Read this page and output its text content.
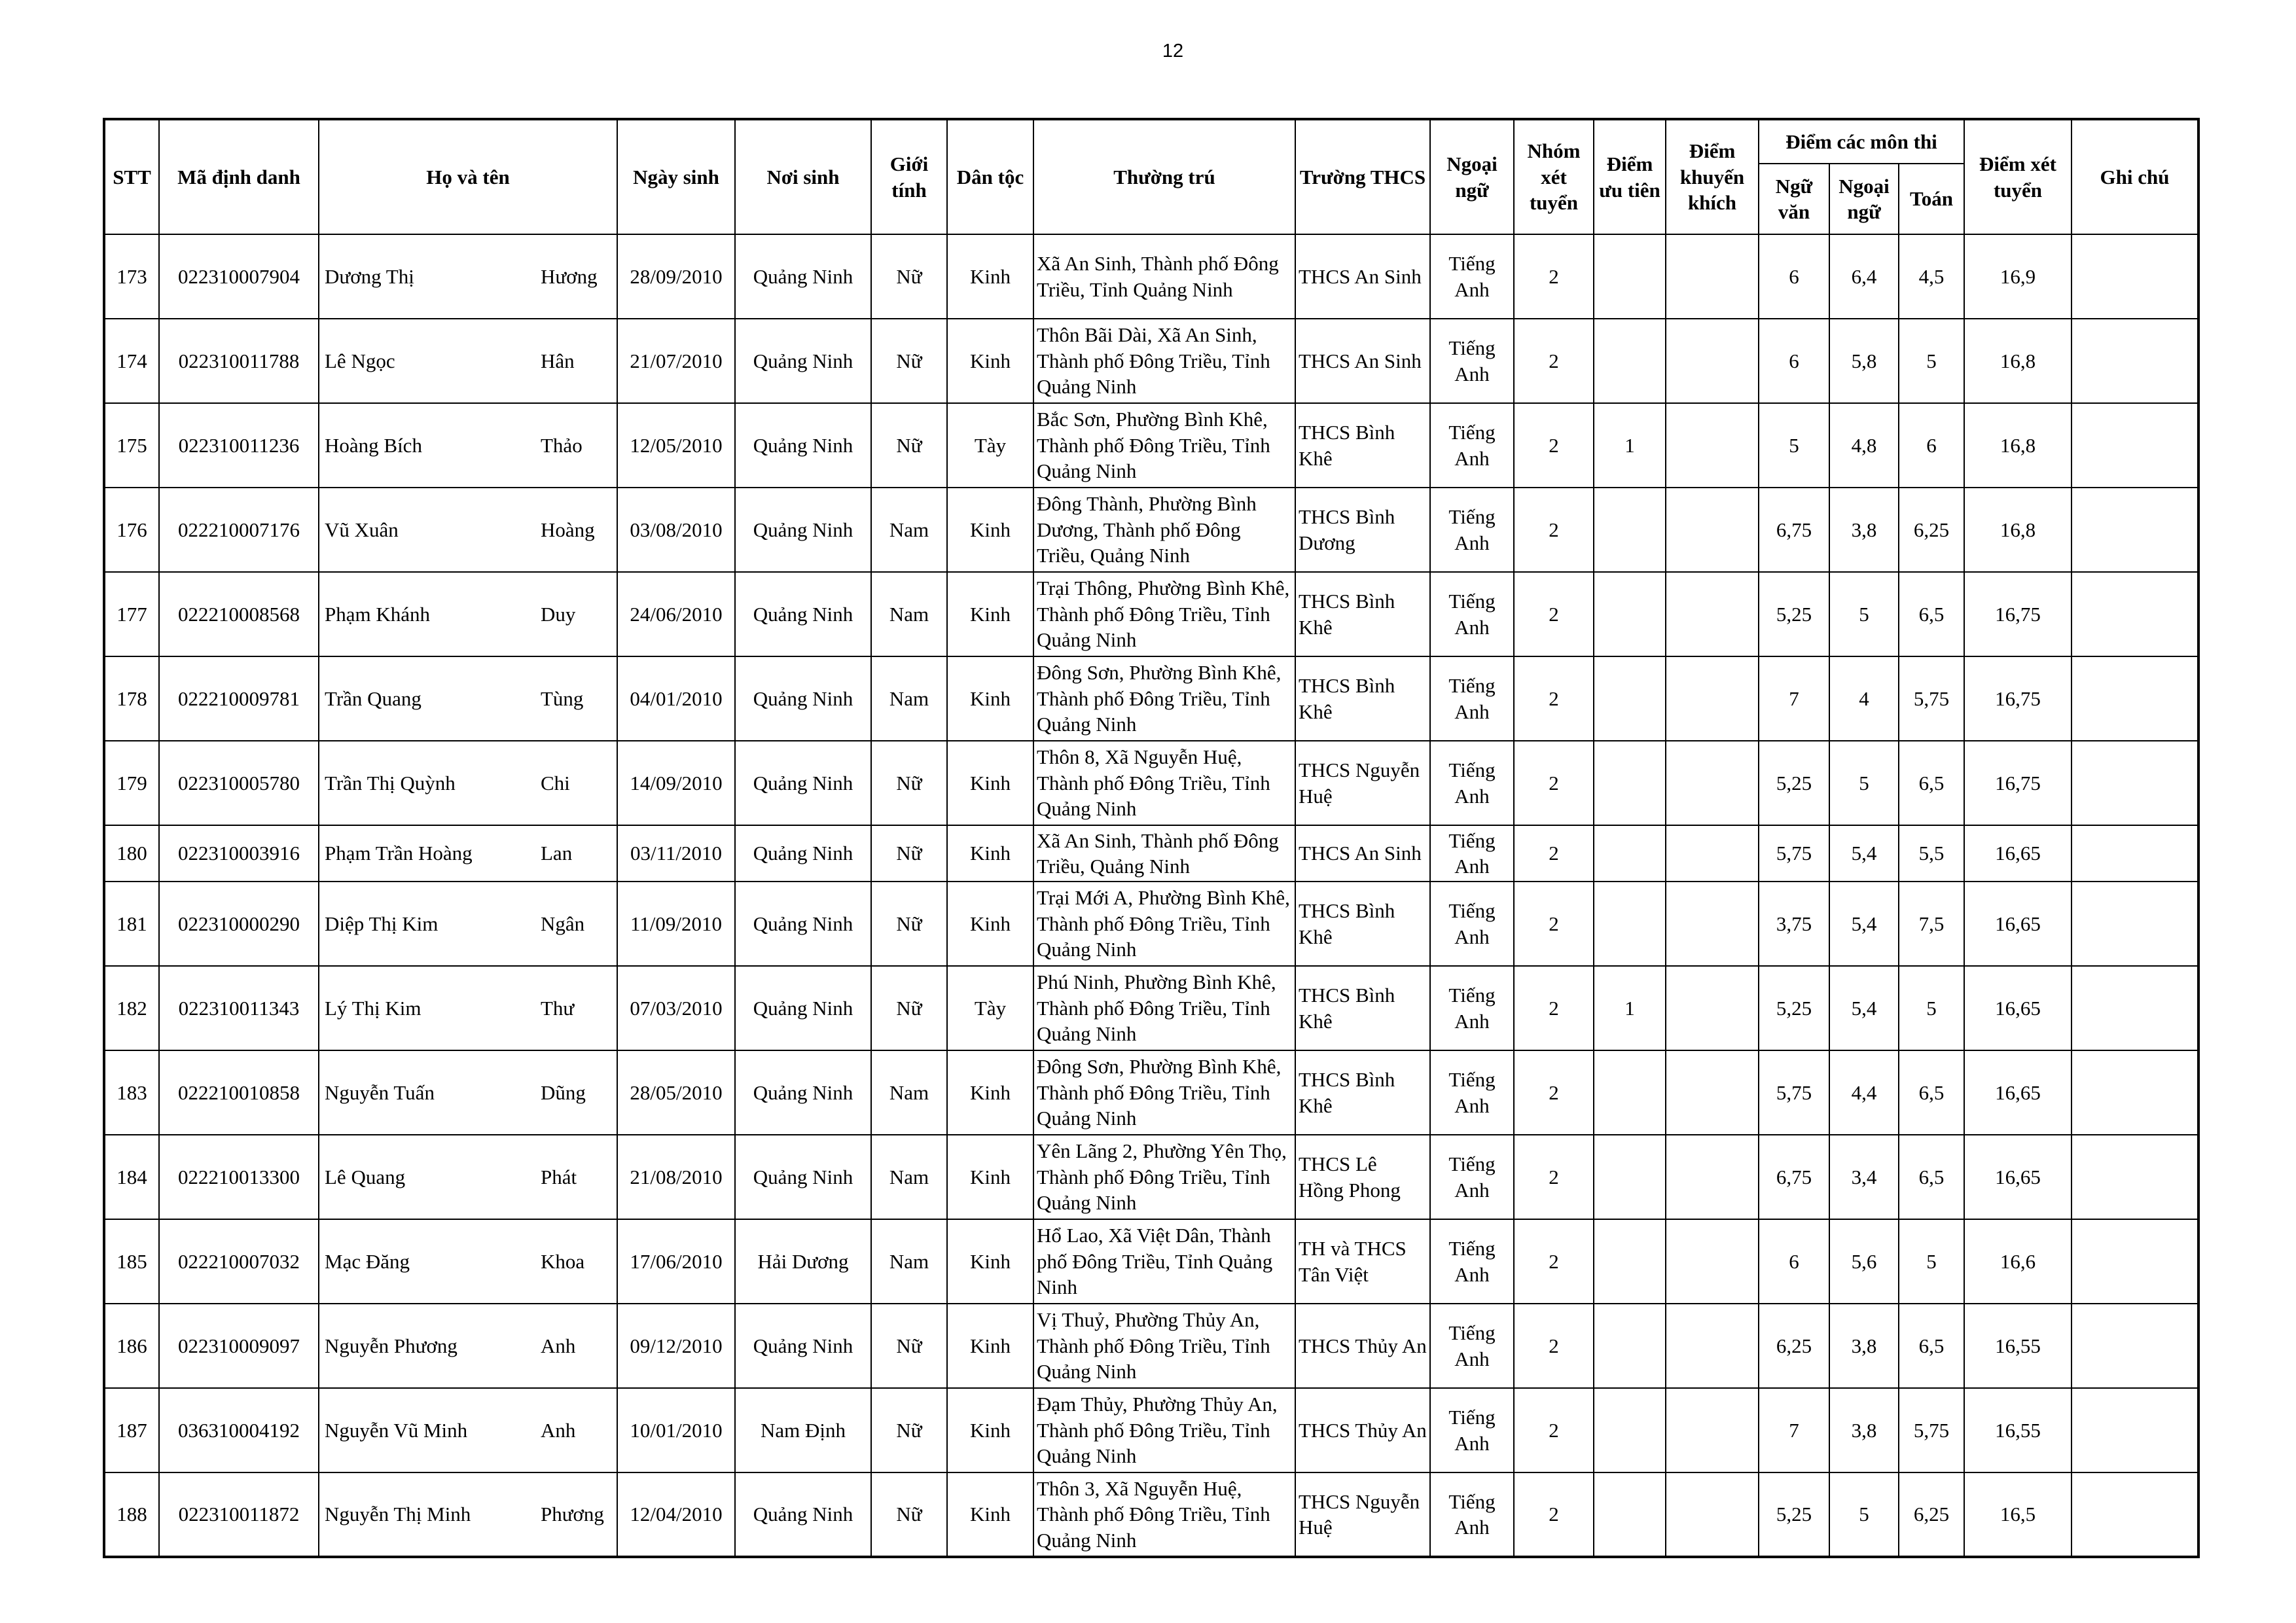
12
STT	Mã định danh	Họ và tên	Ngày sinh	Nơi sinh	Giới tính	Dân tộc	Thường trú	Trường THCS	Ngoại ngữ	Nhóm xét tuyển	Điểm ưu tiên	Điểm khuyến khích	Điểm các môn thi			Điểm xét tuyển	Ghi chú
													Ngữ văn	Ngoại ngữ	Toán		
173	022310007904	Dương Thị Hương	28/09/2010	Quảng Ninh	Nữ	Kinh	Xã An Sinh, Thành phố Đông Triều, Tỉnh Quảng Ninh	THCS An Sinh	Tiếng Anh	2			6	6,4	4,5	16,9	
174	022310011788	Lê Ngọc Hân	21/07/2010	Quảng Ninh	Nữ	Kinh	Thôn Bãi Dài, Xã An Sinh, Thành phố Đông Triều, Tỉnh Quảng Ninh	THCS An Sinh	Tiếng Anh	2			6	5,8	5	16,8	
175	022310011236	Hoàng Bích Thảo	12/05/2010	Quảng Ninh	Nữ	Tày	Bắc Sơn, Phường Bình Khê, Thành phố Đông Triều, Tỉnh Quảng Ninh	THCS Bình Khê	Tiếng Anh	2	1		5	4,8	6	16,8	
176	022210007176	Vũ Xuân Hoàng	03/08/2010	Quảng Ninh	Nam	Kinh	Đông Thành, Phường Bình Dương, Thành phố Đông Triều, Quảng Ninh	THCS Bình Dương	Tiếng Anh	2			6,75	3,8	6,25	16,8	
177	022210008568	Phạm Khánh Duy	24/06/2010	Quảng Ninh	Nam	Kinh	Trại Thông, Phường Bình Khê, Thành phố Đông Triều, Tỉnh Quảng Ninh	THCS Bình Khê	Tiếng Anh	2			5,25	5	6,5	16,75	
178	022210009781	Trần Quang Tùng	04/01/2010	Quảng Ninh	Nam	Kinh	Đông Sơn, Phường Bình Khê, Thành phố Đông Triều, Tỉnh Quảng Ninh	THCS Bình Khê	Tiếng Anh	2			7	4	5,75	16,75	
179	022310005780	Trần Thị Quỳnh Chi	14/09/2010	Quảng Ninh	Nữ	Kinh	Thôn 8, Xã Nguyễn Huệ, Thành phố Đông Triều, Tỉnh Quảng Ninh	THCS Nguyễn Huệ	Tiếng Anh	2			5,25	5	6,5	16,75	
180	022310003916	Phạm Trần Hoàng Lan	03/11/2010	Quảng Ninh	Nữ	Kinh	Xã An Sinh, Thành phố Đông Triều, Quảng Ninh	THCS An Sinh	Tiếng Anh	2			5,75	5,4	5,5	16,65	
181	022310000290	Diệp Thị Kim Ngân	11/09/2010	Quảng Ninh	Nữ	Kinh	Trại Mới A, Phường Bình Khê, Thành phố Đông Triều, Tỉnh Quảng Ninh	THCS Bình Khê	Tiếng Anh	2			3,75	5,4	7,5	16,65	
182	022310011343	Lý Thị Kim Thư	07/03/2010	Quảng Ninh	Nữ	Tày	Phú Ninh, Phường Bình Khê, Thành phố Đông Triều, Tỉnh Quảng Ninh	THCS Bình Khê	Tiếng Anh	2	1		5,25	5,4	5	16,65	
183	022210010858	Nguyễn Tuấn Dũng	28/05/2010	Quảng Ninh	Nam	Kinh	Đông Sơn, Phường Bình Khê, Thành phố Đông Triều, Tỉnh Quảng Ninh	THCS Bình Khê	Tiếng Anh	2			5,75	4,4	6,5	16,65	
184	022210013300	Lê Quang Phát	21/08/2010	Quảng Ninh	Nam	Kinh	Yên Lãng 2, Phường Yên Thọ, Thành phố Đông Triều, Tỉnh Quảng Ninh	THCS Lê Hồng Phong	Tiếng Anh	2			6,75	3,4	6,5	16,65	
185	022210007032	Mạc Đăng Khoa	17/06/2010	Hải Dương	Nam	Kinh	Hổ Lao, Xã Việt Dân, Thành phố Đông Triều, Tỉnh Quảng Ninh	TH và THCS Tân Việt	Tiếng Anh	2			6	5,6	5	16,6	
186	022310009097	Nguyễn Phương Anh	09/12/2010	Quảng Ninh	Nữ	Kinh	Vị Thuỷ, Phường Thủy An, Thành phố Đông Triều, Tỉnh Quảng Ninh	THCS Thủy An	Tiếng Anh	2			6,25	3,8	6,5	16,55	
187	036310004192	Nguyễn Vũ Minh Anh	10/01/2010	Nam Định	Nữ	Kinh	Đạm Thủy, Phường Thủy An, Thành phố Đông Triều, Tỉnh Quảng Ninh	THCS Thủy An	Tiếng Anh	2			7	3,8	5,75	16,55	
188	022310011872	Nguyễn Thị Minh Phương	12/04/2010	Quảng Ninh	Nữ	Kinh	Thôn 3, Xã Nguyễn Huệ, Thành phố Đông Triều, Tỉnh Quảng Ninh	THCS Nguyễn Huệ	Tiếng Anh	2			5,25	5	6,25	16,5	
